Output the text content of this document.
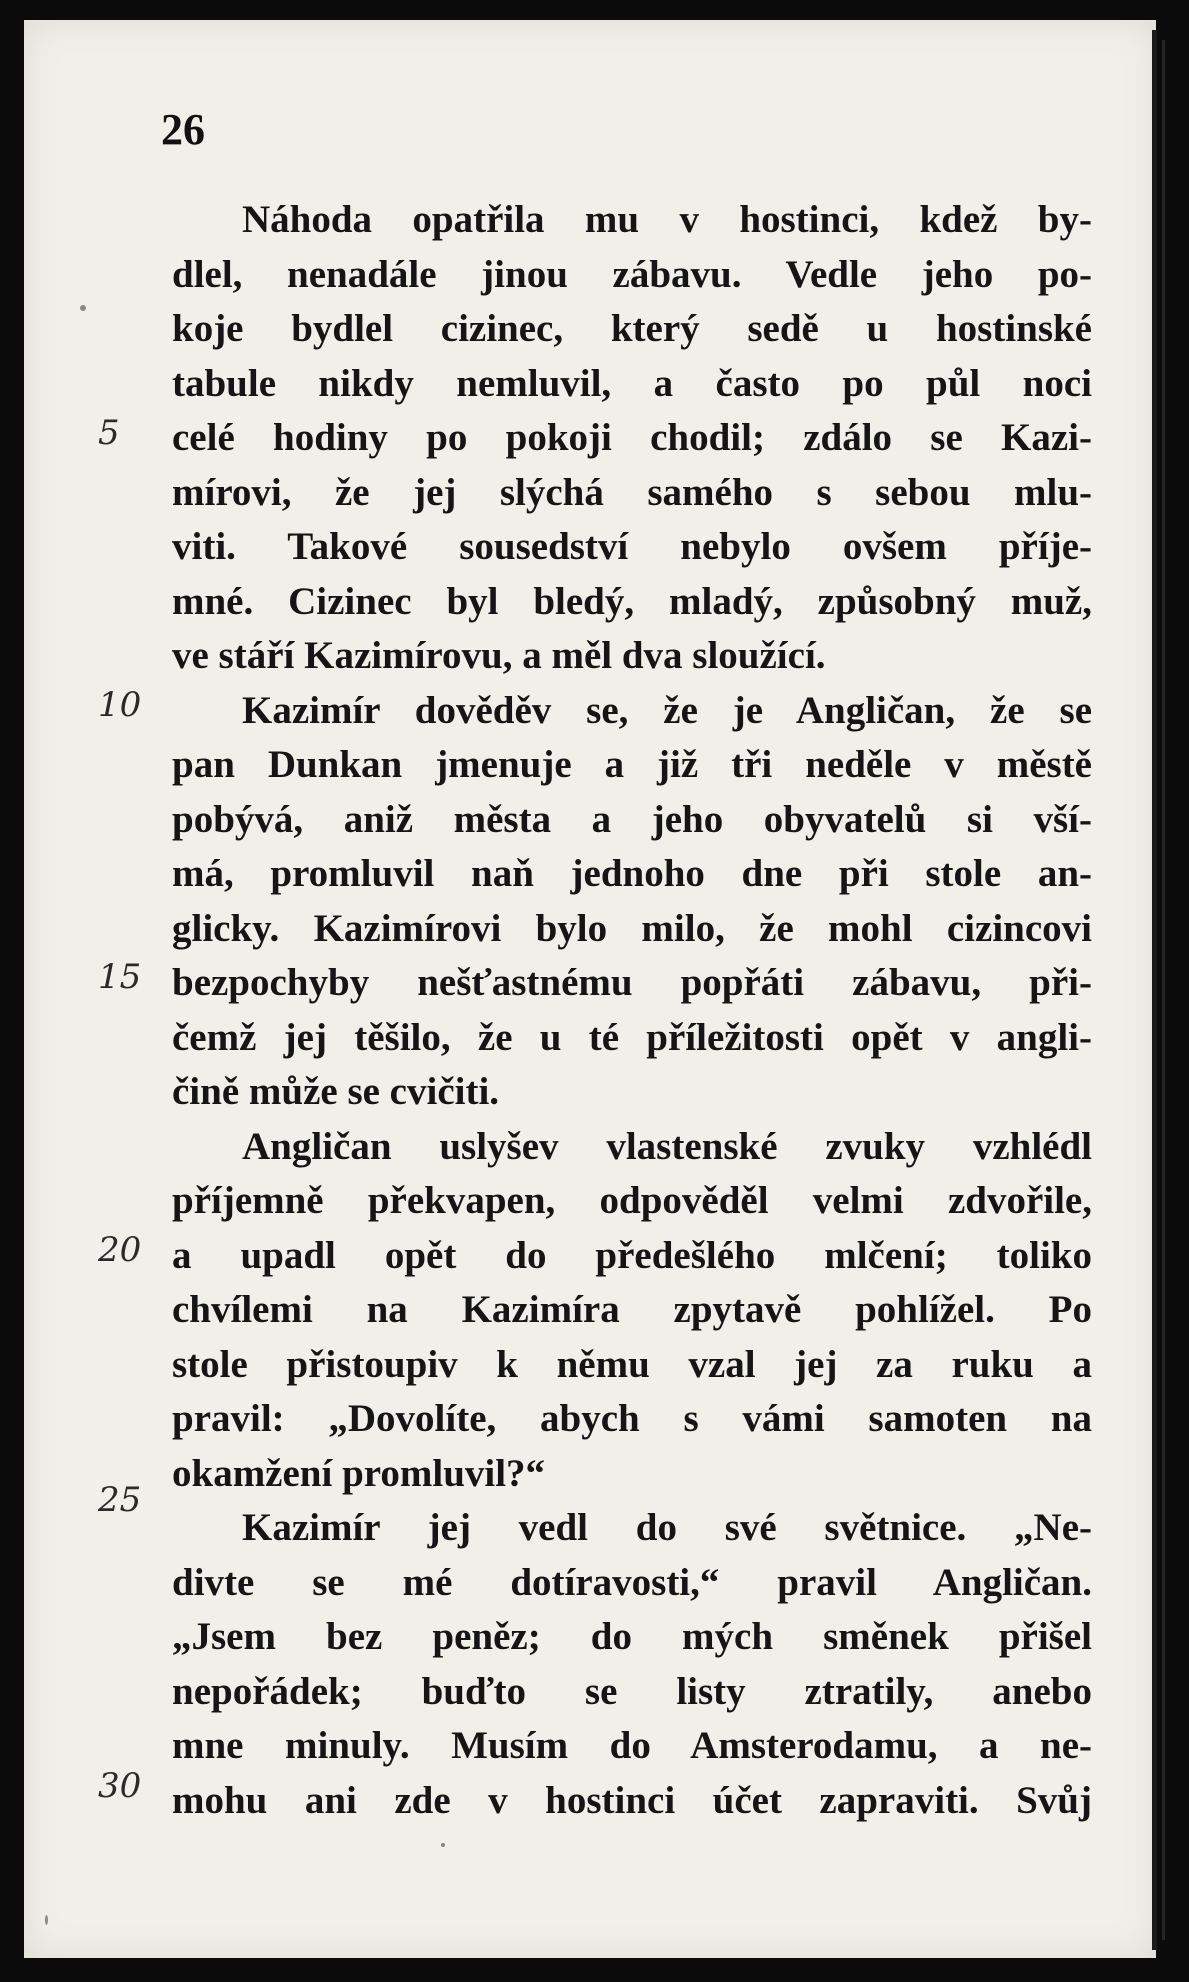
26
5
10
15
20
25
30
Náhoda opatřila mu v hostinci, kdež by-
dlel, nenadále jinou zábavu. Vedle jeho po-
koje bydlel cizinec, který sedě u hostinské
tabule nikdy nemluvil, a často po půl noci
celé hodiny po pokoji chodil; zdálo se Kazi-
mírovi, že jej slýchá samého s sebou mlu-
viti. Takové sousedství nebylo ovšem příje-
mné. Cizinec byl bledý, mladý, způsobný muž,
ve stáří Kazimírovu, a měl dva sloužící.
Kazimír dověděv se, že je Angličan, že se
pan Dunkan jmenuje a již tři neděle v městě
pobývá, aniž města a jeho obyvatelů si vší-
má, promluvil naň jednoho dne při stole an-
glicky. Kazimírovi bylo milo, že mohl cizincovi
bezpochyby nešťastnému popřáti zábavu, při-
čemž jej těšilo, že u té příležitosti opět v angli-
čině může se cvičiti.
Angličan uslyšev vlastenské zvuky vzhlédl
příjemně překvapen, odpověděl velmi zdvořile,
a upadl opět do předešlého mlčení; toliko
chvílemi na Kazimíra zpytavě pohlížel. Po
stole přistoupiv k němu vzal jej za ruku a
pravil: „Dovolíte, abych s vámi samoten na
okamžení promluvil?“
Kazimír jej vedl do své světnice. „Ne-
divte se mé dotíravosti,“ pravil Angličan.
„Jsem bez peněz; do mých směnek přišel
nepořádek; buďto se listy ztratily, anebo
mne minuly. Musím do Amsterodamu, a ne-
mohu ani zde v hostinci účet zapraviti. Svůj
